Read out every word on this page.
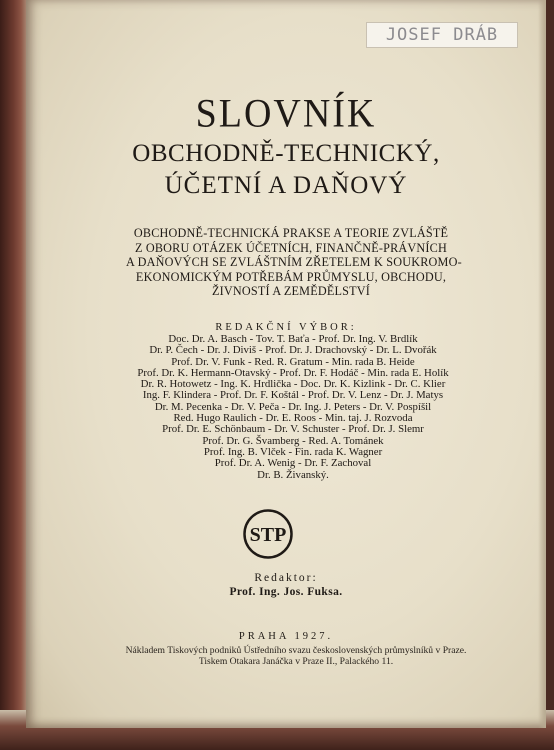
JOSEF DRÁB
SLOVNÍK
OBCHODNĚ-TECHNICKÝ,
ÚČETNÍ A DAŇOVÝ
OBCHODNĚ-TECHNICKÁ PRAKSE A TEORIE ZVLÁŠTĚ
Z OBORU OTÁZEK ÚČETNÍCH, FINANČNĚ-PRÁVNÍCH
A DAŇOVÝCH SE ZVLÁŠTNÍM ZŘETELEM K SOUKROMO-
EKONOMICKÝM POTŘEBÁM PRŮMYSLU, OBCHODU,
ŽIVNOSTÍ A ZEMĚDĚLSTVÍ
REDAKČNÍ VÝBOR:
Doc. Dr. A. Basch - Tov. T. Baťa - Prof. Dr. Ing. V. Brdlík
Dr. P. Čech - Dr. J. Diviš - Prof. Dr. J. Drachovský - Dr. L. Dvořák
Prof. Dr. V. Funk - Red. R. Gratum - Min. rada B. Heide
Prof. Dr. K. Hermann-Otavský - Prof. Dr. F. Hodáč - Min. rada E. Holík
Dr. R. Hotowetz - Ing. K. Hrdlička - Doc. Dr. K. Kizlink - Dr. C. Klier
Ing. F. Klindera - Prof. Dr. F. Koštál - Prof. Dr. V. Lenz - Dr. J. Matys
Dr. M. Pecenka - Dr. V. Peča - Dr. Ing. J. Peters - Dr. V. Pospíšil
Red. Hugo Raulich - Dr. E. Roos - Min. taj. J. Rozvoda
Prof. Dr. E. Schönbaum - Dr. V. Schuster - Prof. Dr. J. Slemr
Prof. Dr. G. Švamberg - Red. A. Tománek
Prof. Ing. B. Vlček - Fin. rada K. Wagner
Prof. Dr. A. Wenig - Dr. F. Zachoval
Dr. B. Živanský.
STP
Redaktor:
Prof. Ing. Jos. Fuksa.
PRAHA 1927.
Nákladem Tiskových podniků Ústředního svazu československých průmyslníků v Praze.
Tiskem Otakara Janáčka v Praze II., Palackého 11.
